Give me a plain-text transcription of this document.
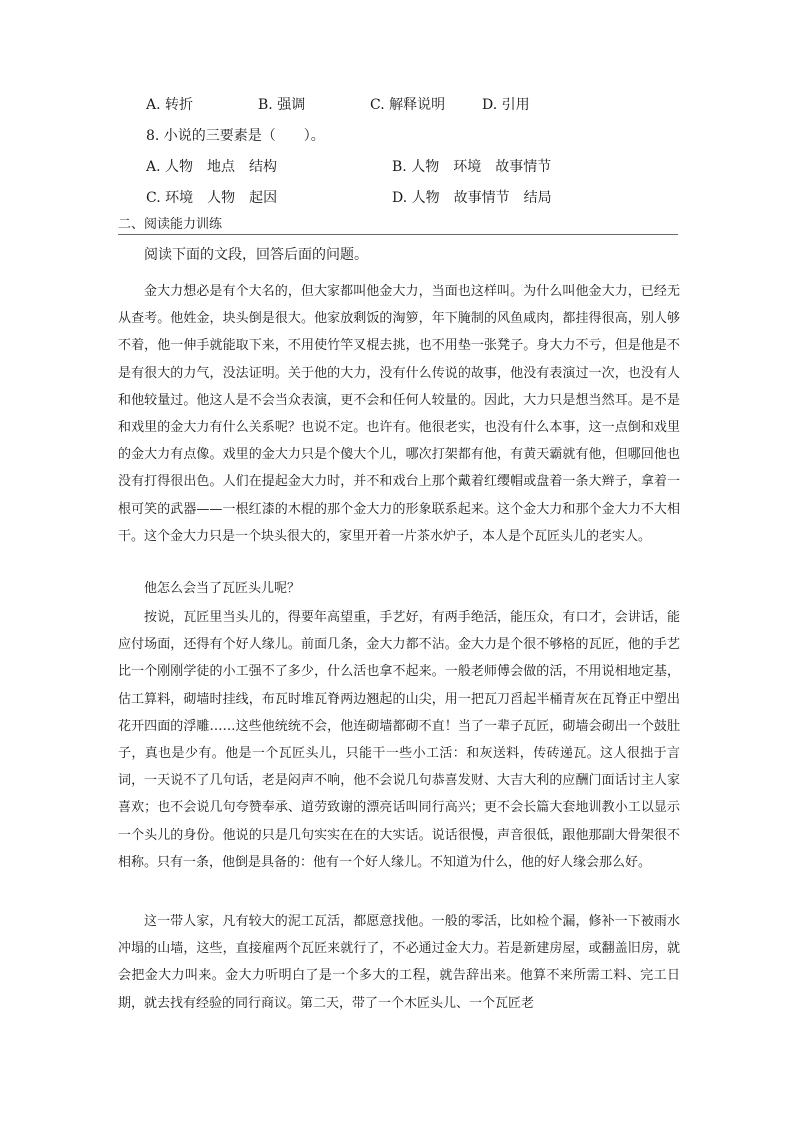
A. 转折	B. 强调	C. 解释说明	D. 引用
8. 小说的三要素是（　　）。
A. 人物　地点　结构	B. 人物　环境　故事情节
C. 环境　人物　起因	D. 人物　故事情节　结局
二、阅读能力训练
阅读下面的文段，回答后面的问题。

金大力想必是有个大名的，但大家都叫他金大力，当面也这样叫。为什么叫他金大力，已经无从查考。他姓金，块头倒是很大。他家放剩饭的淘箩，年下腌制的风鱼咸肉，都挂得很高，别人够不着，他一伸手就能取下来，不用使竹竿叉棍去挑，也不用垫一张凳子。身大力不亏，但是他是不是有很大的力气，没法证明。关于他的大力，没有什么传说的故事，他没有表演过一次，也没有人和他较量过。他这人是不会当众表演，更不会和任何人较量的。因此，大力只是想当然耳。是不是和戏里的金大力有什么关系呢？也说不定。也许有。他很老实，也没有什么本事，这一点倒和戏里的金大力有点像。戏里的金大力只是个傻大个儿，哪次打架都有他，有黄天霸就有他，但哪回他也没有打得很出色。人们在提起金大力时，并不和戏台上那个戴着红缨帽或盘着一条大辫子，拿着一根可笑的武器——一根红漆的木棍的那个金大力的形象联系起来。这个金大力和那个金大力不大相干。这个金大力只是一个块头很大的，家里开着一片茶水炉子，本人是个瓦匠头儿的老实人。

他怎么会当了瓦匠头儿呢？

按说，瓦匠里当头儿的，得要年高望重，手艺好，有两手绝活，能压众，有口才，会讲话，能应付场面，还得有个好人缘儿。前面几条，金大力都不沾。金大力是个很不够格的瓦匠，他的手艺比一个刚刚学徒的小工强不了多少，什么活也拿不起来。一般老师傅会做的活，不用说相地定基，估工算料，砌墙时挂线，布瓦时堆瓦脊两边翘起的山尖，用一把瓦刀舀起半桶青灰在瓦脊正中塑出花开四面的浮雕……这些他统统不会，他连砌墙都砌不直！当了一辈子瓦匠，砌墙会砌出一个鼓肚子，真也是少有。他是一个瓦匠头儿，只能干一些小工活：和灰送料，传砖递瓦。这人很拙于言词，一天说不了几句话，老是闷声不响，他不会说几句恭喜发财、大吉大利的应酬门面话讨主人家喜欢；也不会说几句夸赞奉承、道劳致谢的漂亮话叫同行高兴；更不会长篇大套地训教小工以显示一个头儿的身份。他说的只是几句实实在在的大实话。说话很慢，声音很低，跟他那副大骨架很不相称。只有一条，他倒是具备的：他有一个好人缘儿。不知道为什么，他的好人缘会那么好。

这一带人家，凡有较大的泥工瓦活，都愿意找他。一般的零活，比如检个漏，修补一下被雨水冲塌的山墙，这些，直接雇两个瓦匠来就行了，不必通过金大力。若是新建房屋，或翻盖旧房，就会把金大力叫来。金大力听明白了是一个多大的工程，就告辞出来。他算不来所需工料、完工日期，就去找有经验的同行商议。第二天，带了一个木匠头儿、一个瓦匠老
